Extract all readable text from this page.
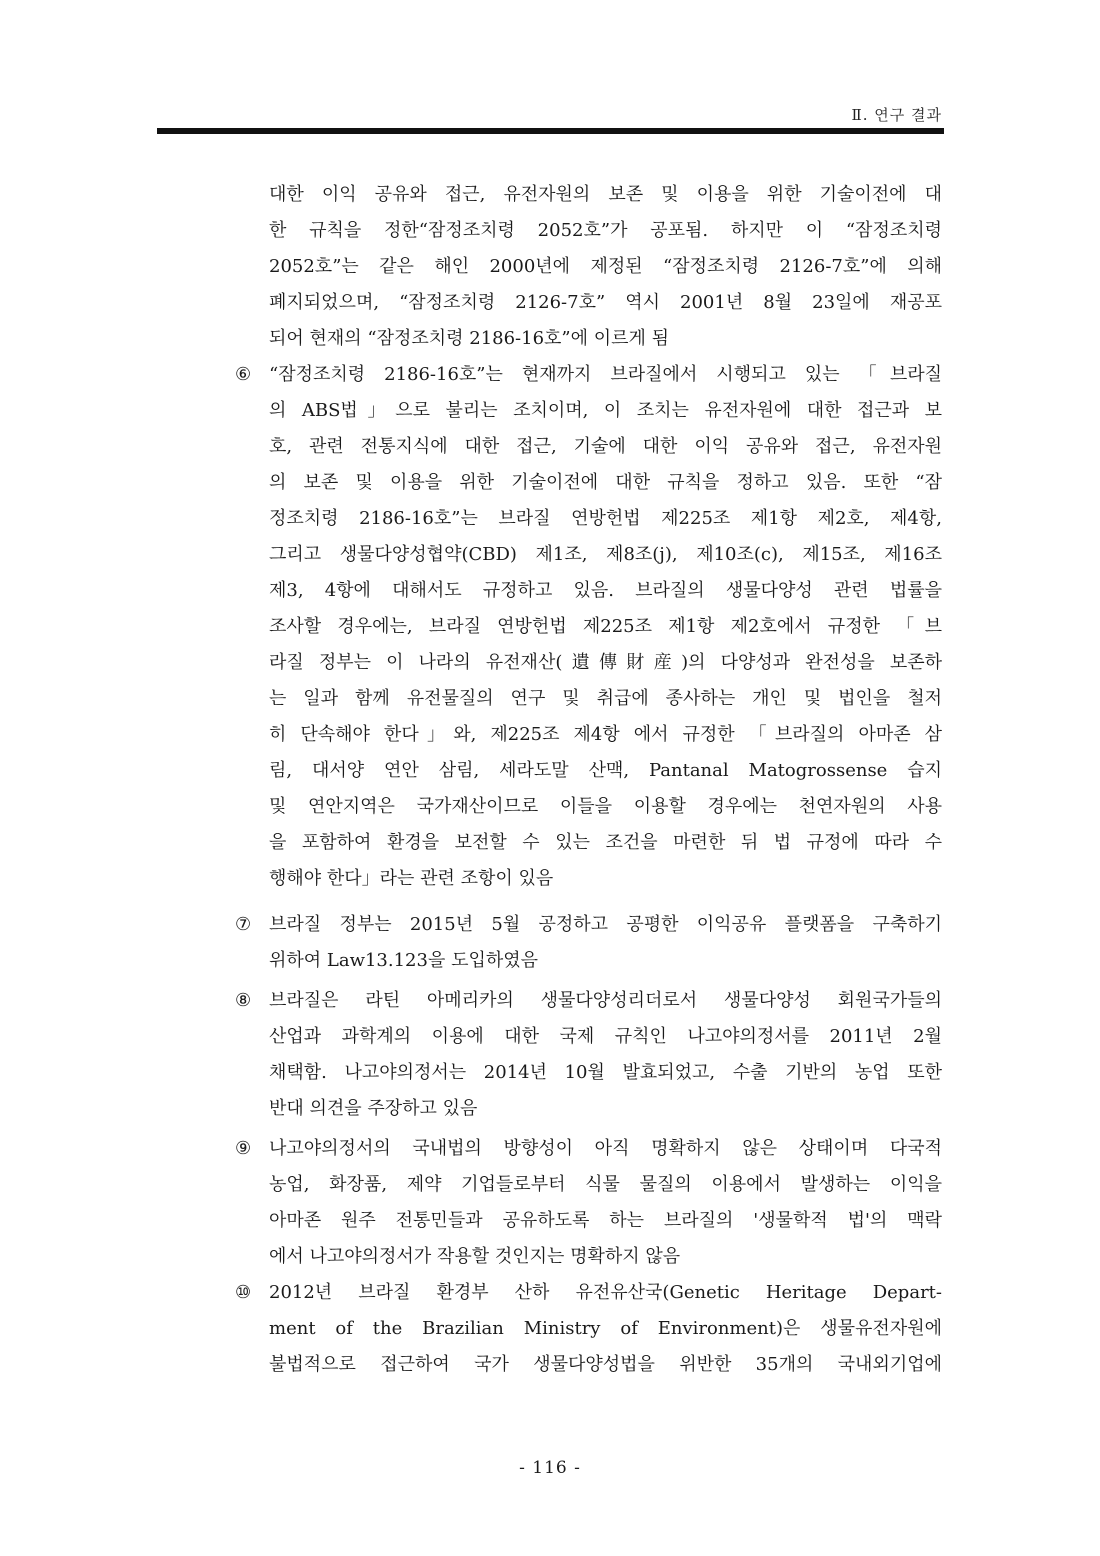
Ⅱ. 연구 결과
대한 이익 공유와 접근, 유전자원의 보존 및 이용을 위한 기술이전에 대
한 규칙을 정한“잠정조치령 2052호”가 공포됨. 하지만 이 “잠정조치령
2052호”는 같은 해인 2000년에 제정된 “잠정조치령 2126-7호”에 의해
폐지되었으며, “잠정조치령 2126-7호” 역시 2001년 8월 23일에 재공포
되어 현재의 “잠정조치령 2186-16호”에 이르게 됨
⑥ “잠정조치령 2186-16호”는 현재까지 브라질에서 시행되고 있는 「브라질
의 ABS법」으로 불리는 조치이며, 이 조치는 유전자원에 대한 접근과 보
호, 관련 전통지식에 대한 접근, 기술에 대한 이익 공유와 접근, 유전자원
의 보존 및 이용을 위한 기술이전에 대한 규칙을 정하고 있음. 또한 “잠
정조치령 2186-16호”는 브라질 연방헌법 제225조 제1항 제2호, 제4항,
그리고 생물다양성협약(CBD) 제1조, 제8조(j), 제10조(c), 제15조, 제16조
제3, 4항에 대해서도 규정하고 있음. 브라질의 생물다양성 관련 법률을
조사할 경우에는, 브라질 연방헌법 제225조 제1항 제2호에서 규정한 「브
라질 정부는 이 나라의 유전재산(遺傳財産)의 다양성과 완전성을 보존하
는 일과 함께 유전물질의 연구 및 취급에 종사하는 개인 및 법인을 철저
히 단속해야 한다」와, 제225조 제4항 에서 규정한 「브라질의 아마존 삼
림, 대서양 연안 삼림, 세라도말 산맥, Pantanal Matogrossense 습지
및 연안지역은 국가재산이므로 이들을 이용할 경우에는 천연자원의 사용
을 포함하여 환경을 보전할 수 있는 조건을 마련한 뒤 법 규정에 따라 수
행해야 한다」라는 관련 조항이 있음
⑦ 브라질 정부는 2015년 5월 공정하고 공평한 이익공유 플랫폼을 구축하기
위하여 Law13.123을 도입하였음
⑧ 브라질은 라틴 아메리카의 생물다양성리더로서 생물다양성 회원국가들의
산업과 과학계의 이용에 대한 국제 규칙인 나고야의정서를 2011년 2월
채택함. 나고야의정서는 2014년 10월 발효되었고, 수출 기반의 농업 또한
반대 의견을 주장하고 있음
⑨ 나고야의정서의 국내법의 방향성이 아직 명확하지 않은 상태이며 다국적
농업, 화장품, 제약 기업들로부터 식물 물질의 이용에서 발생하는 이익을
아마존 원주 전통민들과 공유하도록 하는 브라질의 '생물학적 법'의 맥락
에서 나고야의정서가 작용할 것인지는 명확하지 않음
⑩ 2012년 브라질 환경부 산하 유전유산국(Genetic Heritage Depart-
ment of the Brazilian Ministry of Environment)은 생물유전자원에
불법적으로 접근하여 국가 생물다양성법을 위반한 35개의 국내외기업에
- 116 -
